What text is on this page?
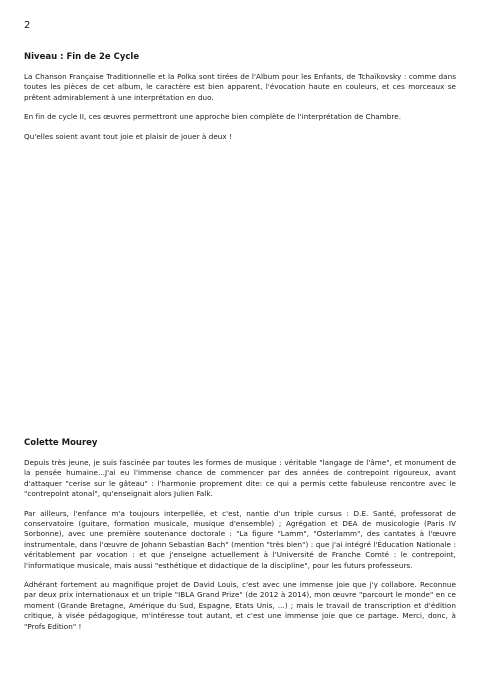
2
Niveau : Fin de 2e Cycle

La Chanson Française Traditionnelle et la Polka sont tirées de l'Album pour les Enfants, de Tchaïkovsky : comme dans toutes les pièces de cet album, le caractère est bien apparent, l'évocation haute en couleurs, et ces morceaux se prêtent admirablement à une interprétation en duo.

En fin de cycle II, ces œuvres permettront une approche bien complète de l'interprétation de Chambre.

Qu'elles soient avant tout joie et plaisir de jouer à deux !

Colette Mourey

Depuis très jeune, je suis fascinée par toutes les formes de musique : véritable "langage de l'âme", et monument de la pensée humaine...J'ai eu l'immense chance de commencer par des années de contrepoint rigoureux, avant d'attaquer "cerise sur le gâteau" : l'harmonie proprement dite: ce qui a permis cette fabuleuse rencontre avec le "contrepoint atonal", qu'enseignait alors Julien Falk.

Par ailleurs, l'enfance m'a toujours interpellée, et c'est, nantie d'un triple cursus : D.E. Santé, professorat de conservatoire (guitare, formation musicale, musique d'ensemble) ; Agrégation et DEA de musicologie (Paris IV Sorbonne), avec une première soutenance doctorale : "La figure "Lamm", "Osterlamm", des cantates à l'œuvre instrumentale, dans l'œuvre de Johann Sebastian Bach" (mention "très bien") : que j'ai intégré l'Éducation Nationale : véritablement par vocation : et que j'enseigne actuellement à l'Université de Franche Comté : le contrepoint, l'informatique musicale, mais aussi "esthétique et didactique de la discipline", pour les futurs professeurs.

Adhérant fortement au magnifique projet de David Louis, c'est avec une immense joie que j'y collabore. Reconnue par deux prix internationaux et un triple "IBLA Grand Prize" (de 2012 à 2014), mon œuvre "parcourt le monde" en ce moment (Grande Bretagne, Amérique du Sud, Espagne, Etats Unis, ...) ; mais le travail de transcription et d'édition critique, à visée pédagogique, m'intéresse tout autant, et c'est une immense joie que ce partage. Merci, donc, à "Profs Edition" !
